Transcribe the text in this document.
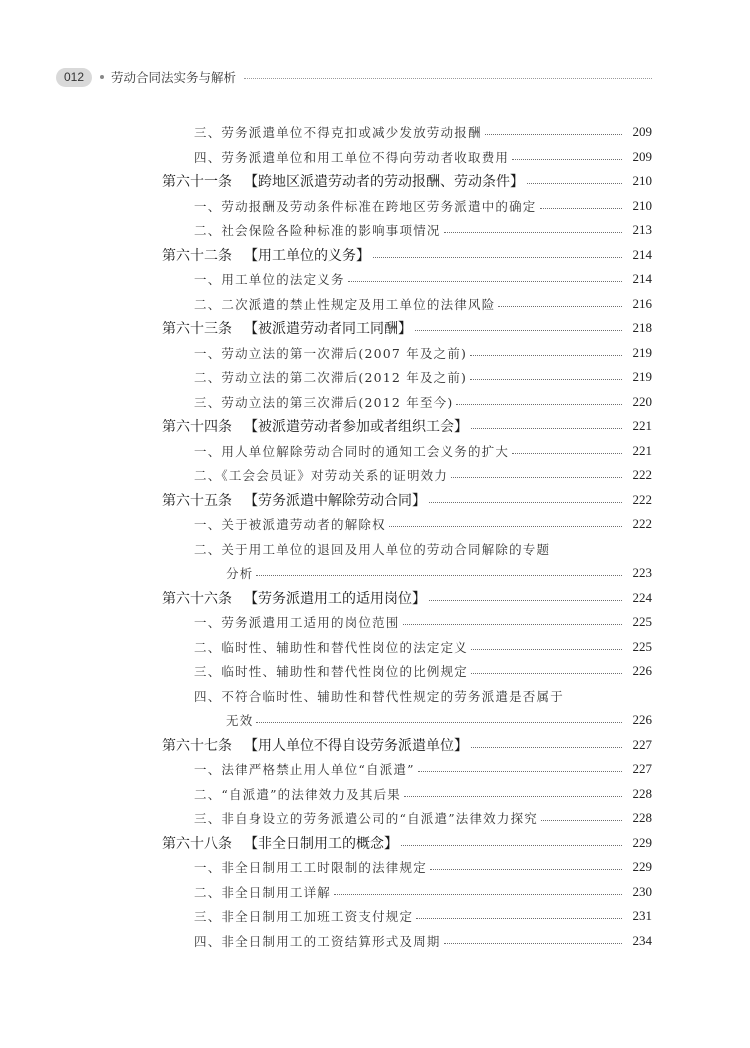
012	劳动合同法实务与解析
三、劳务派遣单位不得克扣或减少发放劳动报酬	209
四、劳务派遣单位和用工单位不得向劳动者收取费用	209
第六十一条 【跨地区派遣劳动者的劳动报酬、劳动条件】	210
一、劳动报酬及劳动条件标准在跨地区劳务派遣中的确定	210
二、社会保险各险种标准的影响事项情况	213
第六十二条 【用工单位的义务】	214
一、用工单位的法定义务	214
二、二次派遣的禁止性规定及用工单位的法律风险	216
第六十三条 【被派遣劳动者同工同酬】	218
一、劳动立法的第一次滞后(2007 年及之前)	219
二、劳动立法的第二次滞后(2012 年及之前)	219
三、劳动立法的第三次滞后(2012 年至今)	220
第六十四条 【被派遣劳动者参加或者组织工会】	221
一、用人单位解除劳动合同时的通知工会义务的扩大	221
二、《工会会员证》对劳动关系的证明效力	222
第六十五条 【劳务派遣中解除劳动合同】	222
一、关于被派遣劳动者的解除权	222
二、关于用工单位的退回及用人单位的劳动合同解除的专题
分析	223
第六十六条 【劳务派遣用工的适用岗位】	224
一、劳务派遣用工适用的岗位范围	225
二、临时性、辅助性和替代性岗位的法定定义	225
三、临时性、辅助性和替代性岗位的比例规定	226
四、不符合临时性、辅助性和替代性规定的劳务派遣是否属于
无效	226
第六十七条 【用人单位不得自设劳务派遣单位】	227
一、法律严格禁止用人单位“自派遣”	227
二、“自派遣”的法律效力及其后果	228
三、非自身设立的劳务派遣公司的“自派遣”法律效力探究	228
第六十八条 【非全日制用工的概念】	229
一、非全日制用工工时限制的法律规定	229
二、非全日制用工详解	230
三、非全日制用工加班工资支付规定	231
四、非全日制用工的工资结算形式及周期	234
